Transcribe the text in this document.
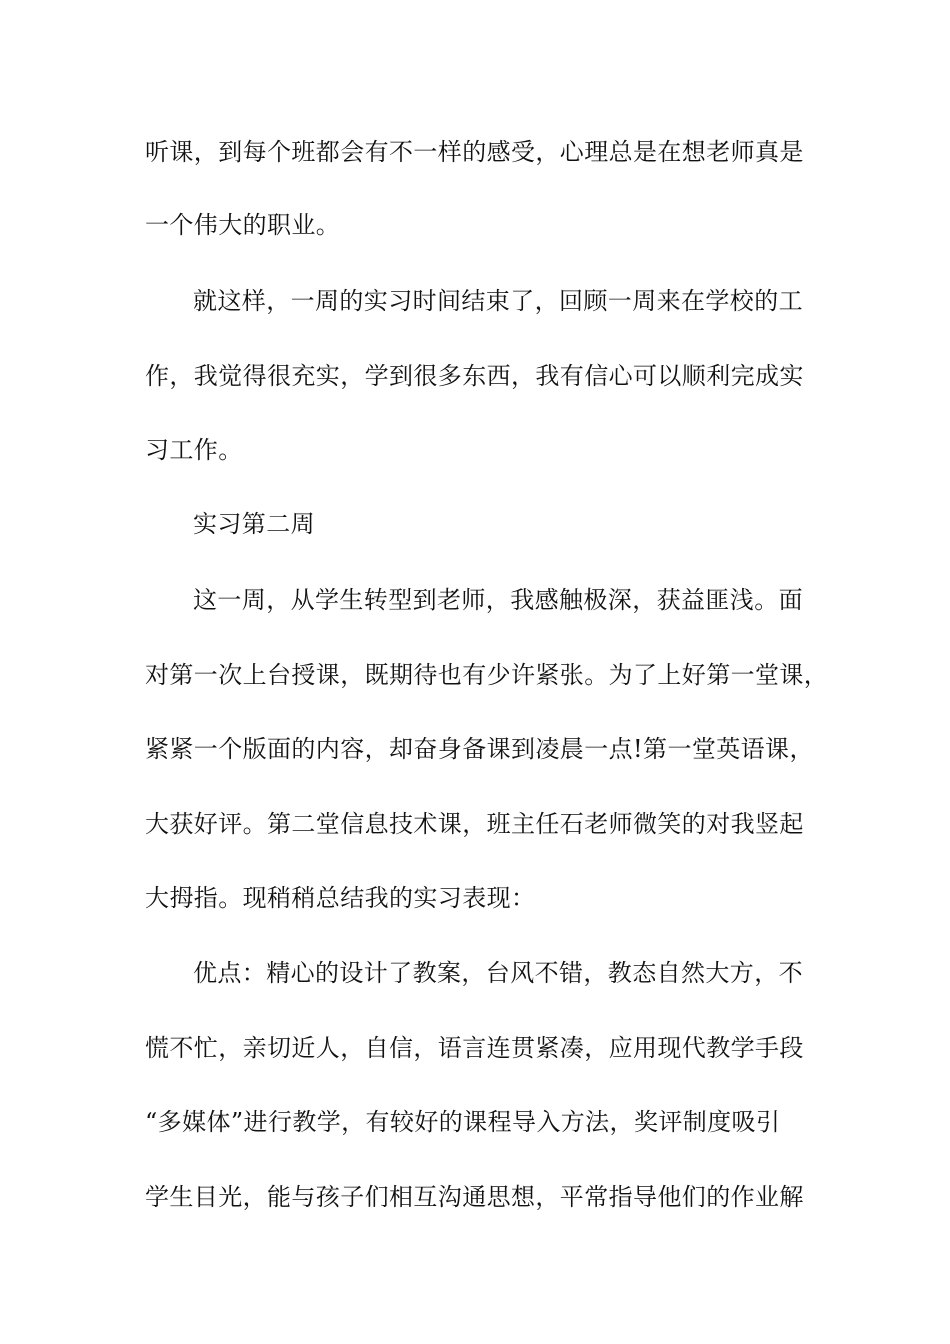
听课，到每个班都会有不一样的感受，心理总是在想老师真是
一个伟大的职业。
就这样，一周的实习时间结束了，回顾一周来在学校的工
作，我觉得很充实，学到很多东西，我有信心可以顺利完成实
习工作。
实习第二周
这一周，从学生转型到老师，我感触极深，获益匪浅。面
对第一次上台授课，既期待也有少许紧张。为了上好第一堂课，
紧紧一个版面的内容，却奋身备课到凌晨一点!第一堂英语课，
大获好评。第二堂信息技术课，班主任石老师微笑的对我竖起
大拇指。现稍稍总结我的实习表现：
优点：精心的设计了教案，台风不错，教态自然大方，不
慌不忙，亲切近人，自信，语言连贯紧凑，应用现代教学手段
“多媒体”进行教学，有较好的课程导入方法，奖评制度吸引
学生目光，能与孩子们相互沟通思想，平常指导他们的作业解
